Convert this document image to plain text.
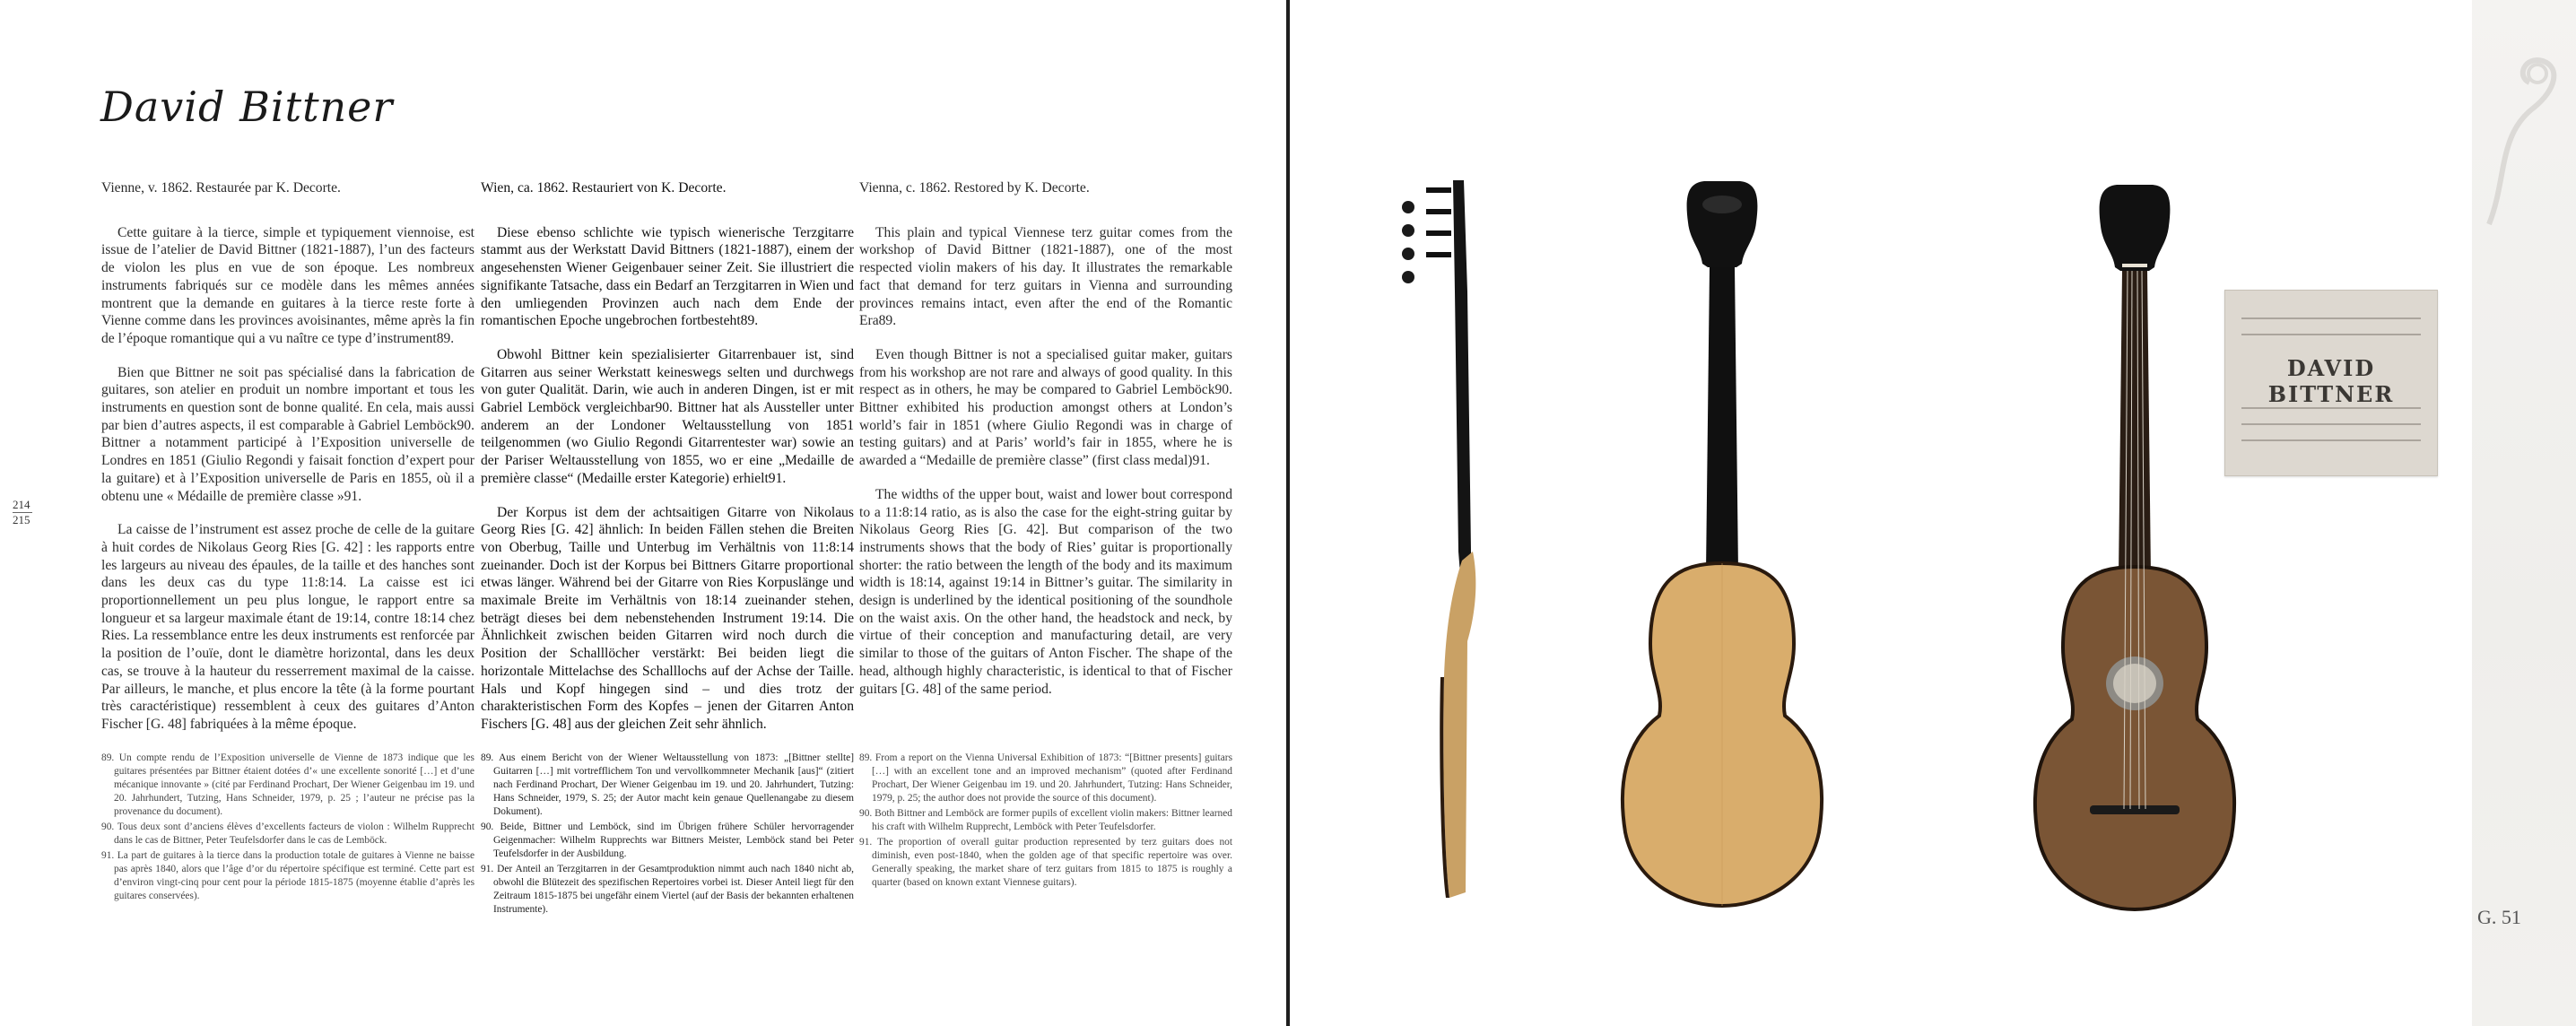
David Bittner

Vienne, v. 1862. Restaurée par K. Decorte.

Cette guitare à la tierce, simple et typiquement viennoise, est issue de l’atelier de David Bittner (1821-1887), l’un des facteurs de violon les plus en vue de son époque. Les nombreux instruments fabriqués sur ce modèle dans les mêmes années montrent que la demande en guitares à la tierce reste forte à Vienne comme dans les provinces avoisinantes, même après la fin de l’époque romantique qui a vu naître ce type d’instrument89.

Bien que Bittner ne soit pas spécialisé dans la fabrication de guitares, son atelier en produit un nombre important et tous les instruments en question sont de bonne qualité. En cela, mais aussi par bien d’autres aspects, il est comparable à Gabriel Lemböck90. Bittner a notamment participé à l’Exposition universelle de Londres en 1851 (Giulio Regondi y faisait fonction d’expert pour la guitare) et à l’Exposition universelle de Paris en 1855, où il a obtenu une « Médaille de première classe »91.

La caisse de l’instrument est assez proche de celle de la guitare à huit cordes de Nikolaus Georg Ries [G. 42] : les rapports entre les largeurs au niveau des épaules, de la taille et des hanches sont dans les deux cas du type 11:8:14. La caisse est ici proportionnellement un peu plus longue, le rapport entre sa longueur et sa largeur maximale étant de 19:14, contre 18:14 chez Ries. La ressemblance entre les deux instruments est renforcée par la position de l’ouïe, dont le diamètre horizontal, dans les deux cas, se trouve à la hauteur du resserrement maximal de la caisse. Par ailleurs, le manche, et plus encore la tête (à la forme pourtant très caractéristique) ressemblent à ceux des guitares d’Anton Fischer [G. 48] fabriquées à la même époque.

Wien, ca. 1862. Restauriert von K. Decorte.

Diese ebenso schlichte wie typisch wienerische Terzgitarre stammt aus der Werkstatt David Bittners (1821-1887), einem der angesehensten Wiener Geigenbauer seiner Zeit. Sie illustriert die signifikante Tatsache, dass ein Bedarf an Terzgitarren in Wien und den umliegenden Provinzen auch nach dem Ende der romantischen Epoche ungebrochen fortbesteht89.

Obwohl Bittner kein spezialisierter Gitarrenbauer ist, sind Gitarren aus seiner Werkstatt keineswegs selten und durchwegs von guter Qualität. Darin, wie auch in anderen Dingen, ist er mit Gabriel Lemböck vergleichbar90. Bittner hat als Aussteller unter anderem an der Londoner Weltausstellung von 1851 teilgenommen (wo Giulio Regondi Gitarrentester war) sowie an der Pariser Weltausstellung von 1855, wo er eine „Medaille de première classe“ (Medaille erster Kategorie) erhielt91.

Der Korpus ist dem der achtsaitigen Gitarre von Nikolaus Georg Ries [G. 42] ähnlich: In beiden Fällen stehen die Breiten von Oberbug, Taille und Unterbug im Verhältnis von 11:8:14 zueinander. Doch ist der Korpus bei Bittners Gitarre proportional etwas länger. Während bei der Gitarre von Ries Korpuslänge und maximale Breite im Verhältnis von 18:14 zueinander stehen, beträgt dieses bei dem nebenstehenden Instrument 19:14. Die Ähnlichkeit zwischen beiden Gitarren wird noch durch die Position der Schalllöcher verstärkt: Bei beiden liegt die horizontale Mittelachse des Schalllochs auf der Achse der Taille. Hals und Kopf hingegen sind – und dies trotz der charakteristischen Form des Kopfes – jenen der Gitarren Anton Fischers [G. 48] aus der gleichen Zeit sehr ähnlich.

Vienna, c. 1862. Restored by K. Decorte.

This plain and typical Viennese terz guitar comes from the workshop of David Bittner (1821-1887), one of the most respected violin makers of his day. It illustrates the remarkable fact that demand for terz guitars in Vienna and surrounding provinces remains intact, even after the end of the Romantic Era89.

Even though Bittner is not a specialised guitar maker, guitars from his workshop are not rare and always of good quality. In this respect as in others, he may be compared to Gabriel Lemböck90. Bittner exhibited his production amongst others at London’s world’s fair in 1851 (where Giulio Regondi was in charge of testing guitars) and at Paris’ world’s fair in 1855, where he is awarded a “Medaille de première classe” (first class medal)91.

The widths of the upper bout, waist and lower bout correspond to a 11:8:14 ratio, as is also the case for the eight-string guitar by Nikolaus Georg Ries [G. 42]. But comparison of the two instruments shows that the body of Ries’ guitar is proportionally shorter: the ratio between the length of the body and its maximum width is 18:14, against 19:14 in Bittner’s guitar. The similarity in design is underlined by the identical positioning of the soundhole on the waist axis. On the other hand, the headstock and neck, by virtue of their conception and manufacturing detail, are very similar to those of the guitars of Anton Fischer. The shape of the head, although highly characteristic, is identical to that of Fischer guitars [G. 48] of the same period.

89. Un compte rendu de l’Exposition universelle de Vienne de 1873 indique que les guitares présentées par Bittner étaient dotées d’« une excellente sonorité […] et d’une mécanique innovante » (cité par Ferdinand Prochart, Der Wiener Geigenbau im 19. und 20. Jahrhundert, Tutzing, Hans Schneider, 1979, p. 25 ; l’auteur ne précise pas la provenance du document).

90. Tous deux sont d’anciens élèves d’excellents facteurs de violon : Wilhelm Rupprecht dans le cas de Bittner, Peter Teufelsdorfer dans le cas de Lemböck.

91. La part de guitares à la tierce dans la production totale de guitares à Vienne ne baisse pas après 1840, alors que l’âge d’or du répertoire spécifique est terminé. Cette part est d’environ vingt-cinq pour cent pour la période 1815-1875 (moyenne établie d’après les guitares conservées).

89. Aus einem Bericht von der Wiener Weltausstellung von 1873: „[Bittner stellte] Guitarren […] mit vortrefflichem Ton und vervollkommneter Mechanik [aus]“ (zitiert nach Ferdinand Prochart, Der Wiener Geigenbau im 19. und 20. Jahrhundert, Tutzing: Hans Schneider, 1979, S. 25; der Autor macht kein genaue Quellenangabe zu diesem Dokument).

90. Beide, Bittner und Lemböck, sind im Übrigen frühere Schüler hervorragender Geigenmacher: Wilhelm Rupprechts war Bittners Meister, Lemböck stand bei Peter Teufelsdorfer in der Ausbildung.

91. Der Anteil an Terzgitarren in der Gesamtproduktion nimmt auch nach 1840 nicht ab, obwohl die Blütezeit des spezifischen Repertoires vorbei ist. Dieser Anteil liegt für den Zeitraum 1815-1875 bei ungefähr einem Viertel (auf der Basis der bekannten erhaltenen Instrumente).

89. From a report on the Vienna Universal Exhibition of 1873: “[Bittner presents] guitars […] with an excellent tone and an improved mechanism” (quoted after Ferdinand Prochart, Der Wiener Geigenbau im 19. und 20. Jahrhundert, Tutzing: Hans Schneider, 1979, p. 25; the author does not provide the source of this document).

90. Both Bittner and Lemböck are former pupils of excellent violin makers: Bittner learned his craft with Wilhelm Rupprecht, Lemböck with Peter Teufelsdorfer.

91. The proportion of overall guitar production represented by terz guitars does not diminish, even post-1840, when the golden age of that specific repertoire was over. Generally speaking, the market share of terz guitars from 1815 to 1875 is roughly a quarter (based on known extant Viennese guitars).

214
215
DAVID BITTNER
G. 51
